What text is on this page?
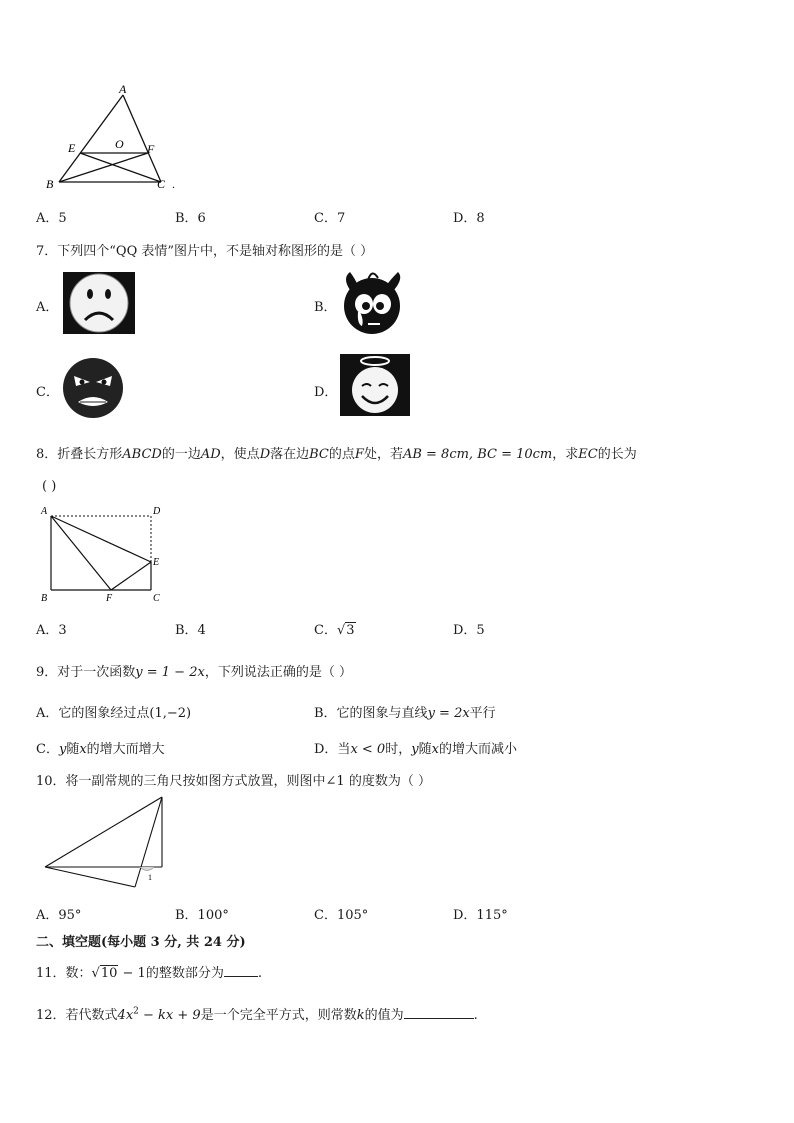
A
E	O F
B	C .
A．5	B．6	C．7	D．8
7．下列四个“QQ 表情”图片中，不是轴对称图形的是（ ）
A．	B．
C．	D．
8．折叠长方形ABCD的一边AD，使点D落在边BC的点F处，若AB = 8cm, BC = 10cm，求EC的长为
( )
A	D
E
B	F	C
A．3	B．4	C．√3	D．5
9．对于一次函数y = 1 − 2x，下列说法正确的是（ ）
A．它的图象经过点(1,−2)	B．它的图象与直线y = 2x平行
C．y随x的增大而增大	D．当x < 0时，y随x的增大而减小
10．将一副常规的三角尺按如图方式放置，则图中∠1 的度数为（ ）
1
A．95°	B．100°	C．105°	D．115°
二、填空题(每小题 3 分, 共 24 分)
11．数：√10 − 1的整数部分为	.
12．若代数式$4x^2$ − kx + 9是一个完全平方式，则常数k的值为	.
